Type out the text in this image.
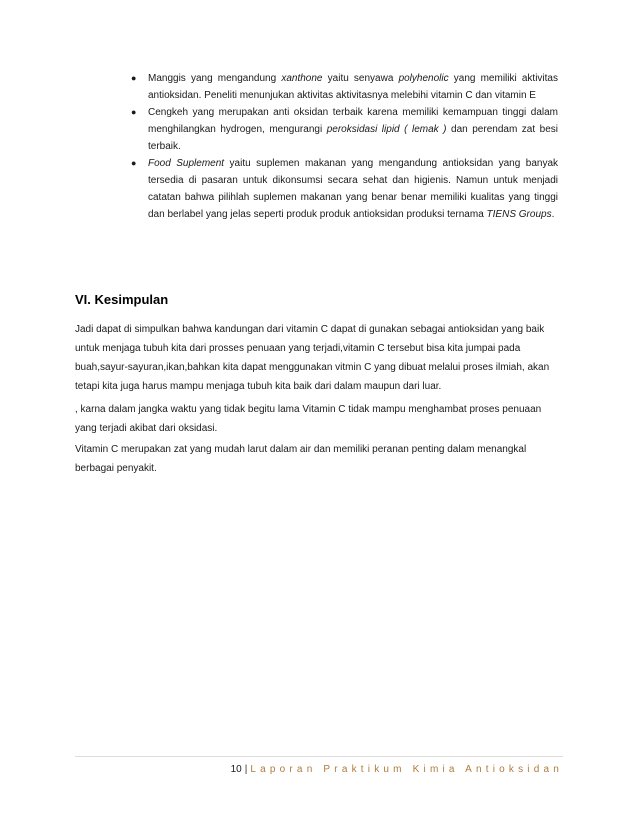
● Manggis yang mengandung xanthone yaitu senyawa polyhenolic yang memiliki aktivitas antioksidan. Peneliti menunjukan aktivitas aktivitasnya melebihi vitamin C dan vitamin E
● Cengkeh yang merupakan anti oksidan terbaik karena memiliki kemampuan tinggi dalam menghilangkan hydrogen, mengurangi peroksidasi lipid ( lemak ) dan perendam zat besi terbaik.
● Food Suplement yaitu suplemen makanan yang mengandung antioksidan yang banyak tersedia di pasaran untuk dikonsumsi secara sehat dan higienis. Namun untuk menjadi catatan bahwa pilihlah suplemen makanan yang benar benar memiliki kualitas yang tinggi dan berlabel yang jelas seperti produk produk antioksidan produksi ternama TIENS Groups.
VI. Kesimpulan

Jadi dapat di simpulkan bahwa kandungan dari vitamin C dapat di gunakan sebagai antioksidan yang baik untuk menjaga tubuh kita dari prosses penuaan yang terjadi,vitamin C tersebut bisa kita jumpai pada buah,sayur-sayuran,ikan,bahkan kita dapat menggunakan vitmin C yang dibuat melalui proses ilmiah, akan tetapi kita juga harus mampu menjaga tubuh kita baik dari dalam maupun dari luar.

, karna dalam jangka waktu yang tidak begitu lama Vitamin C tidak mampu menghambat proses penuaan yang terjadi akibat dari oksidasi.

Vitamin C merupakan zat yang mudah larut dalam air dan memiliki peranan penting dalam menangkal berbagai penyakit.

10 | Laporan Praktikum Kimia Antioksidan
